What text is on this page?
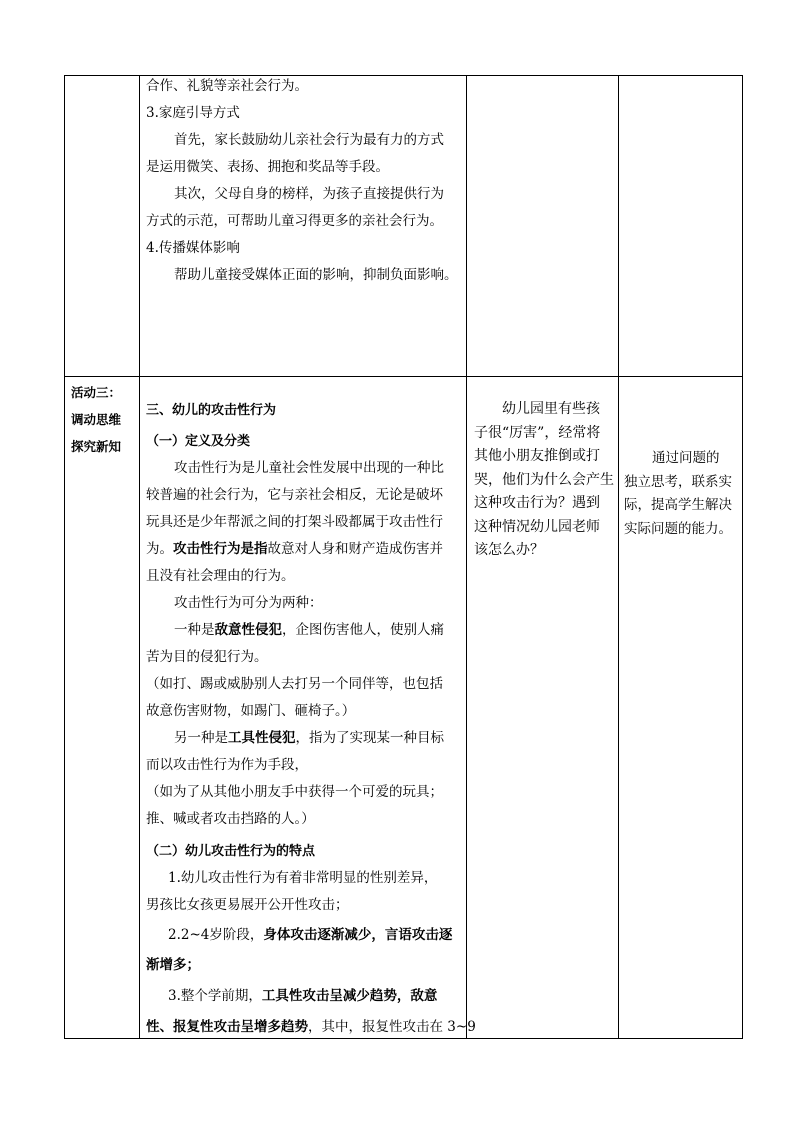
合作、礼貌等亲社会行为。
3.家庭引导方式
首先，家长鼓励幼儿亲社会行为最有力的方式
是运用微笑、表扬、拥抱和奖品等手段。
其次，父母自身的榜样，为孩子直接提供行为
方式的示范，可帮助儿童习得更多的亲社会行为。
4.传播媒体影响
帮助儿童接受媒体正面的影响，抑制负面影响。
活动三：
调动思维
探究新知
三、幼儿的攻击性行为
（一）定义及分类
攻击性行为是儿童社会性发展中出现的一种比
较普遍的社会行为，它与亲社会相反，无论是破坏
玩具还是少年帮派之间的打架斗殴都属于攻击性行
为。攻击性行为是指故意对人身和财产造成伤害并
且没有社会理由的行为。
攻击性行为可分为两种：
一种是敌意性侵犯，企图伤害他人，使别人痛
苦为目的侵犯行为。
（如打、踢或威胁别人去打另一个同伴等，也包括
故意伤害财物，如踢门、砸椅子。）
另一种是工具性侵犯，指为了实现某一种目标
而以攻击性行为作为手段，
（如为了从其他小朋友手中获得一个可爱的玩具；
推、喊或者攻击挡路的人。）
（二）幼儿攻击性行为的特点
1.幼儿攻击性行为有着非常明显的性别差异，
男孩比女孩更易展开公开性攻击；
2.2~4岁阶段，身体攻击逐渐减少，言语攻击逐
渐增多；
3.整个学前期，工具性攻击呈减少趋势，敌意
性、报复性攻击呈增多趋势，其中，报复性攻击在 3~9
幼儿园里有些孩
子很“厉害”，经常将
其他小朋友推倒或打
哭，他们为什么会产生
这种攻击行为？遇到
这种情况幼儿园老师
该怎么办？
通过问题的
独立思考，联系实
际，提高学生解决
实际问题的能力。
